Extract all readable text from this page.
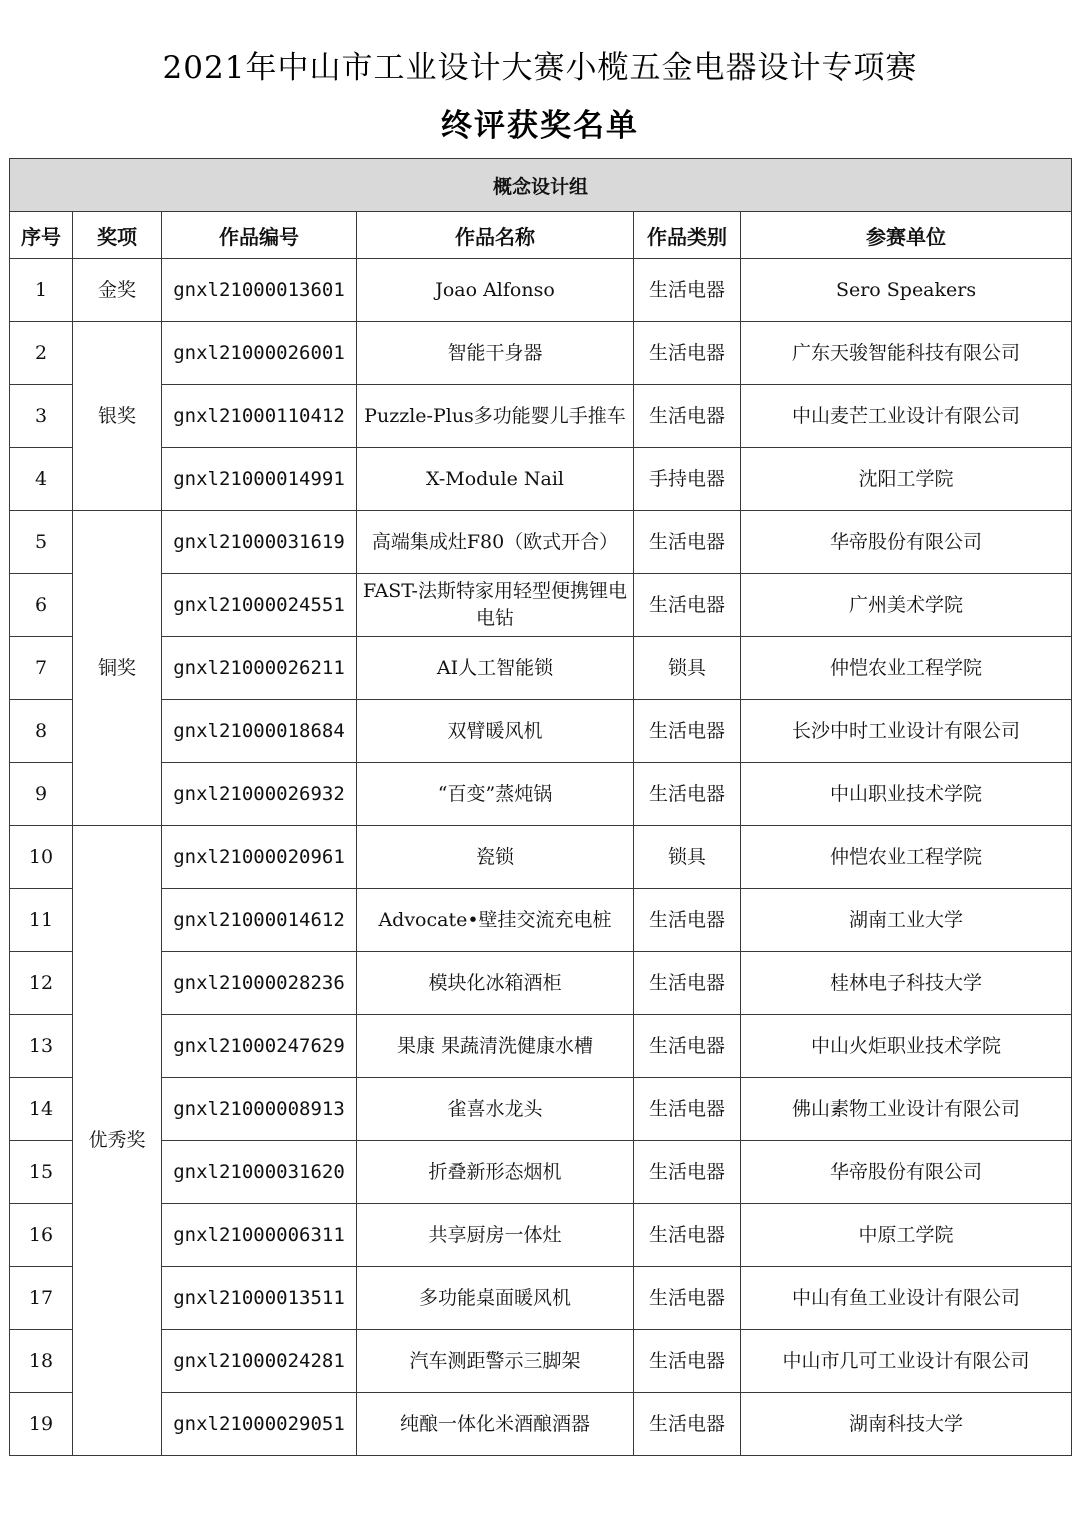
2021年中山市工业设计大赛小榄五金电器设计专项赛
终评获奖名单
概念设计组					
序号	奖项	作品编号	作品名称	作品类别	参赛单位
1	金奖	gnxl21000013601	Joao Alfonso	生活电器	Sero Speakers
2	银奖	gnxl21000026001	智能干身器	生活电器	广东天骏智能科技有限公司
3		gnxl21000110412	Puzzle-Plus多功能婴儿手推车	生活电器	中山麦芒工业设计有限公司
4		gnxl21000014991	X-Module Nail	手持电器	沈阳工学院
5	铜奖	gnxl21000031619	高端集成灶F80（欧式开合）	生活电器	华帝股份有限公司
6		gnxl21000024551	FAST-法斯特家用轻型便携锂电电钻	生活电器	广州美术学院
7		gnxl21000026211	AI人工智能锁	锁具	仲恺农业工程学院
8		gnxl21000018684	双臂暖风机	生活电器	长沙中时工业设计有限公司
9		gnxl21000026932	“百变”蒸炖锅	生活电器	中山职业技术学院
10	优秀奖	gnxl21000020961	瓷锁	锁具	仲恺农业工程学院
11		gnxl21000014612	Advocate•壁挂交流充电桩	生活电器	湖南工业大学
12		gnxl21000028236	模块化冰箱酒柜	生活电器	桂林电子科技大学
13		gnxl21000247629	果康 果蔬清洗健康水槽	生活电器	中山火炬职业技术学院
14		gnxl21000008913	雀喜水龙头	生活电器	佛山素物工业设计有限公司
15		gnxl21000031620	折叠新形态烟机	生活电器	华帝股份有限公司
16		gnxl21000006311	共享厨房一体灶	生活电器	中原工学院
17		gnxl21000013511	多功能桌面暖风机	生活电器	中山有鱼工业设计有限公司
18		gnxl21000024281	汽车测距警示三脚架	生活电器	中山市几可工业设计有限公司
19		gnxl21000029051	纯酿一体化米酒酿酒器	生活电器	湖南科技大学
